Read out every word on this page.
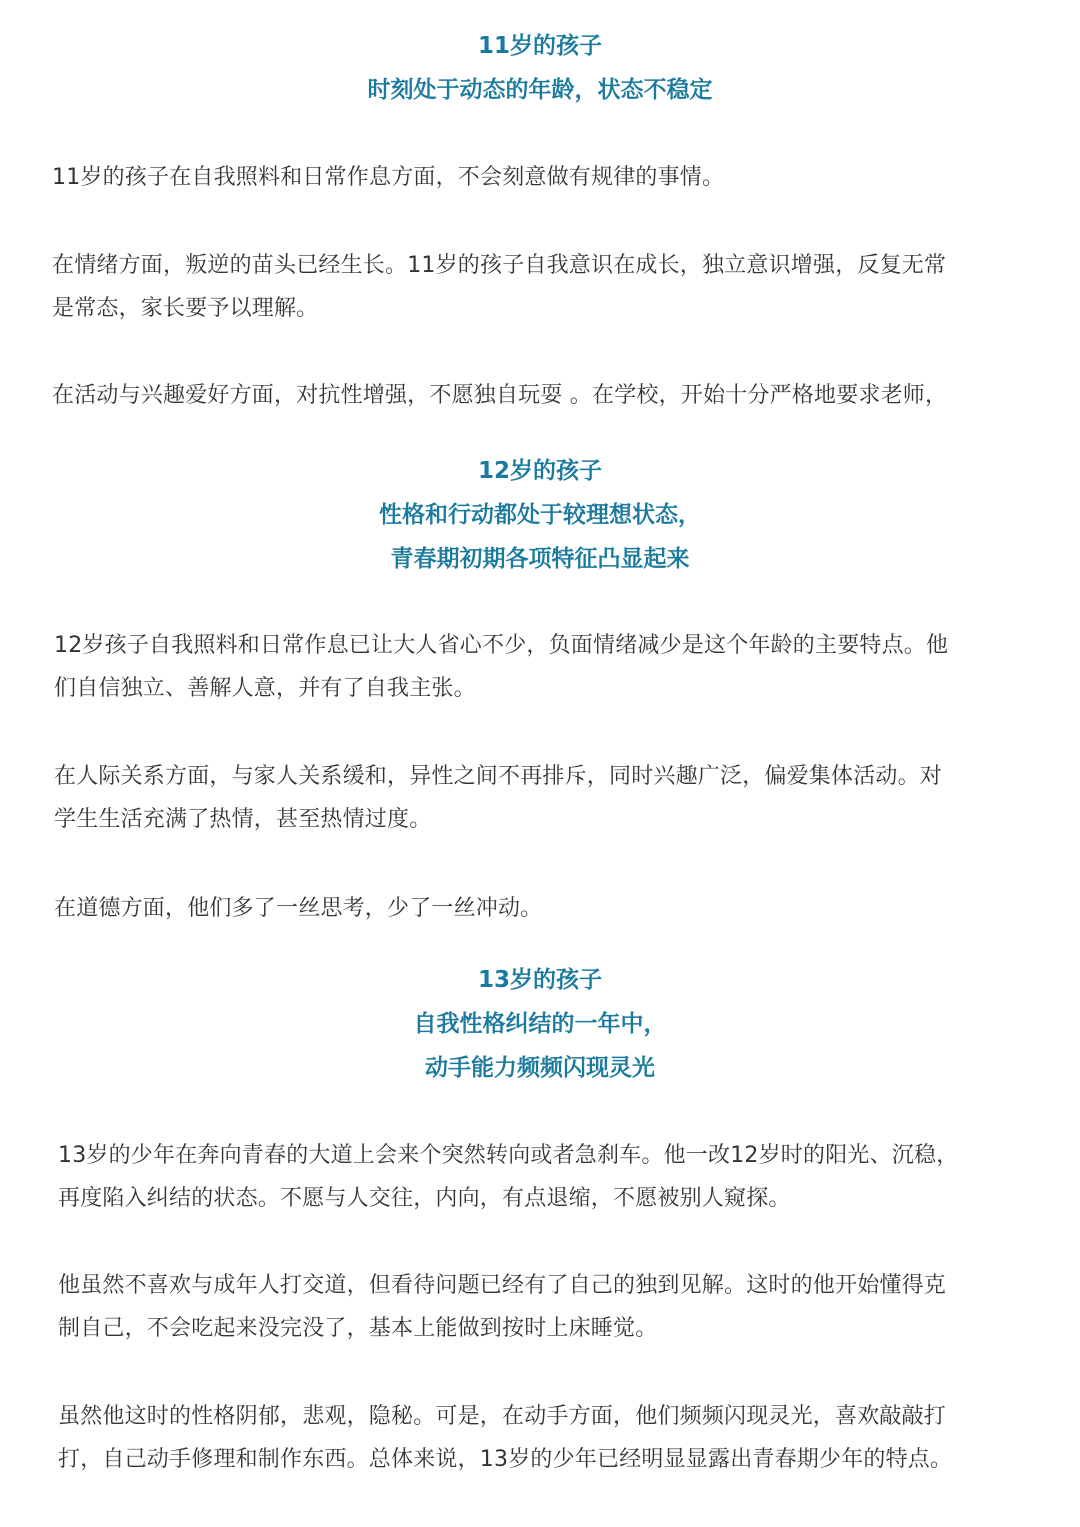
11岁的孩子
时刻处于动态的年龄，状态不稳定
11岁的孩子在自我照料和日常作息方面，不会刻意做有规律的事情。
在情绪方面，叛逆的苗头已经生长。11岁的孩子自我意识在成长，独立意识增强，反复无常
是常态，家长要予以理解。
在活动与兴趣爱好方面，对抗性增强，不愿独自玩耍 。在学校，开始十分严格地要求老师，
12岁的孩子
性格和行动都处于较理想状态，
青春期初期各项特征凸显起来
12岁孩子自我照料和日常作息已让大人省心不少，负面情绪减少是这个年龄的主要特点。他
们自信独立、善解人意，并有了自我主张。
在人际关系方面，与家人关系缓和，异性之间不再排斥，同时兴趣广泛，偏爱集体活动。对
学生生活充满了热情，甚至热情过度。
在道德方面，他们多了一丝思考，少了一丝冲动。
13岁的孩子
自我性格纠结的一年中，
动手能力频频闪现灵光
13岁的少年在奔向青春的大道上会来个突然转向或者急刹车。他一改12岁时的阳光、沉稳，
再度陷入纠结的状态。不愿与人交往，内向，有点退缩，不愿被别人窥探。
他虽然不喜欢与成年人打交道，但看待问题已经有了自己的独到见解。这时的他开始懂得克
制自己，不会吃起来没完没了，基本上能做到按时上床睡觉。
虽然他这时的性格阴郁，悲观，隐秘。可是，在动手方面，他们频频闪现灵光，喜欢敲敲打
打，自己动手修理和制作东西。总体来说，13岁的少年已经明显显露出青春期少年的特点。
